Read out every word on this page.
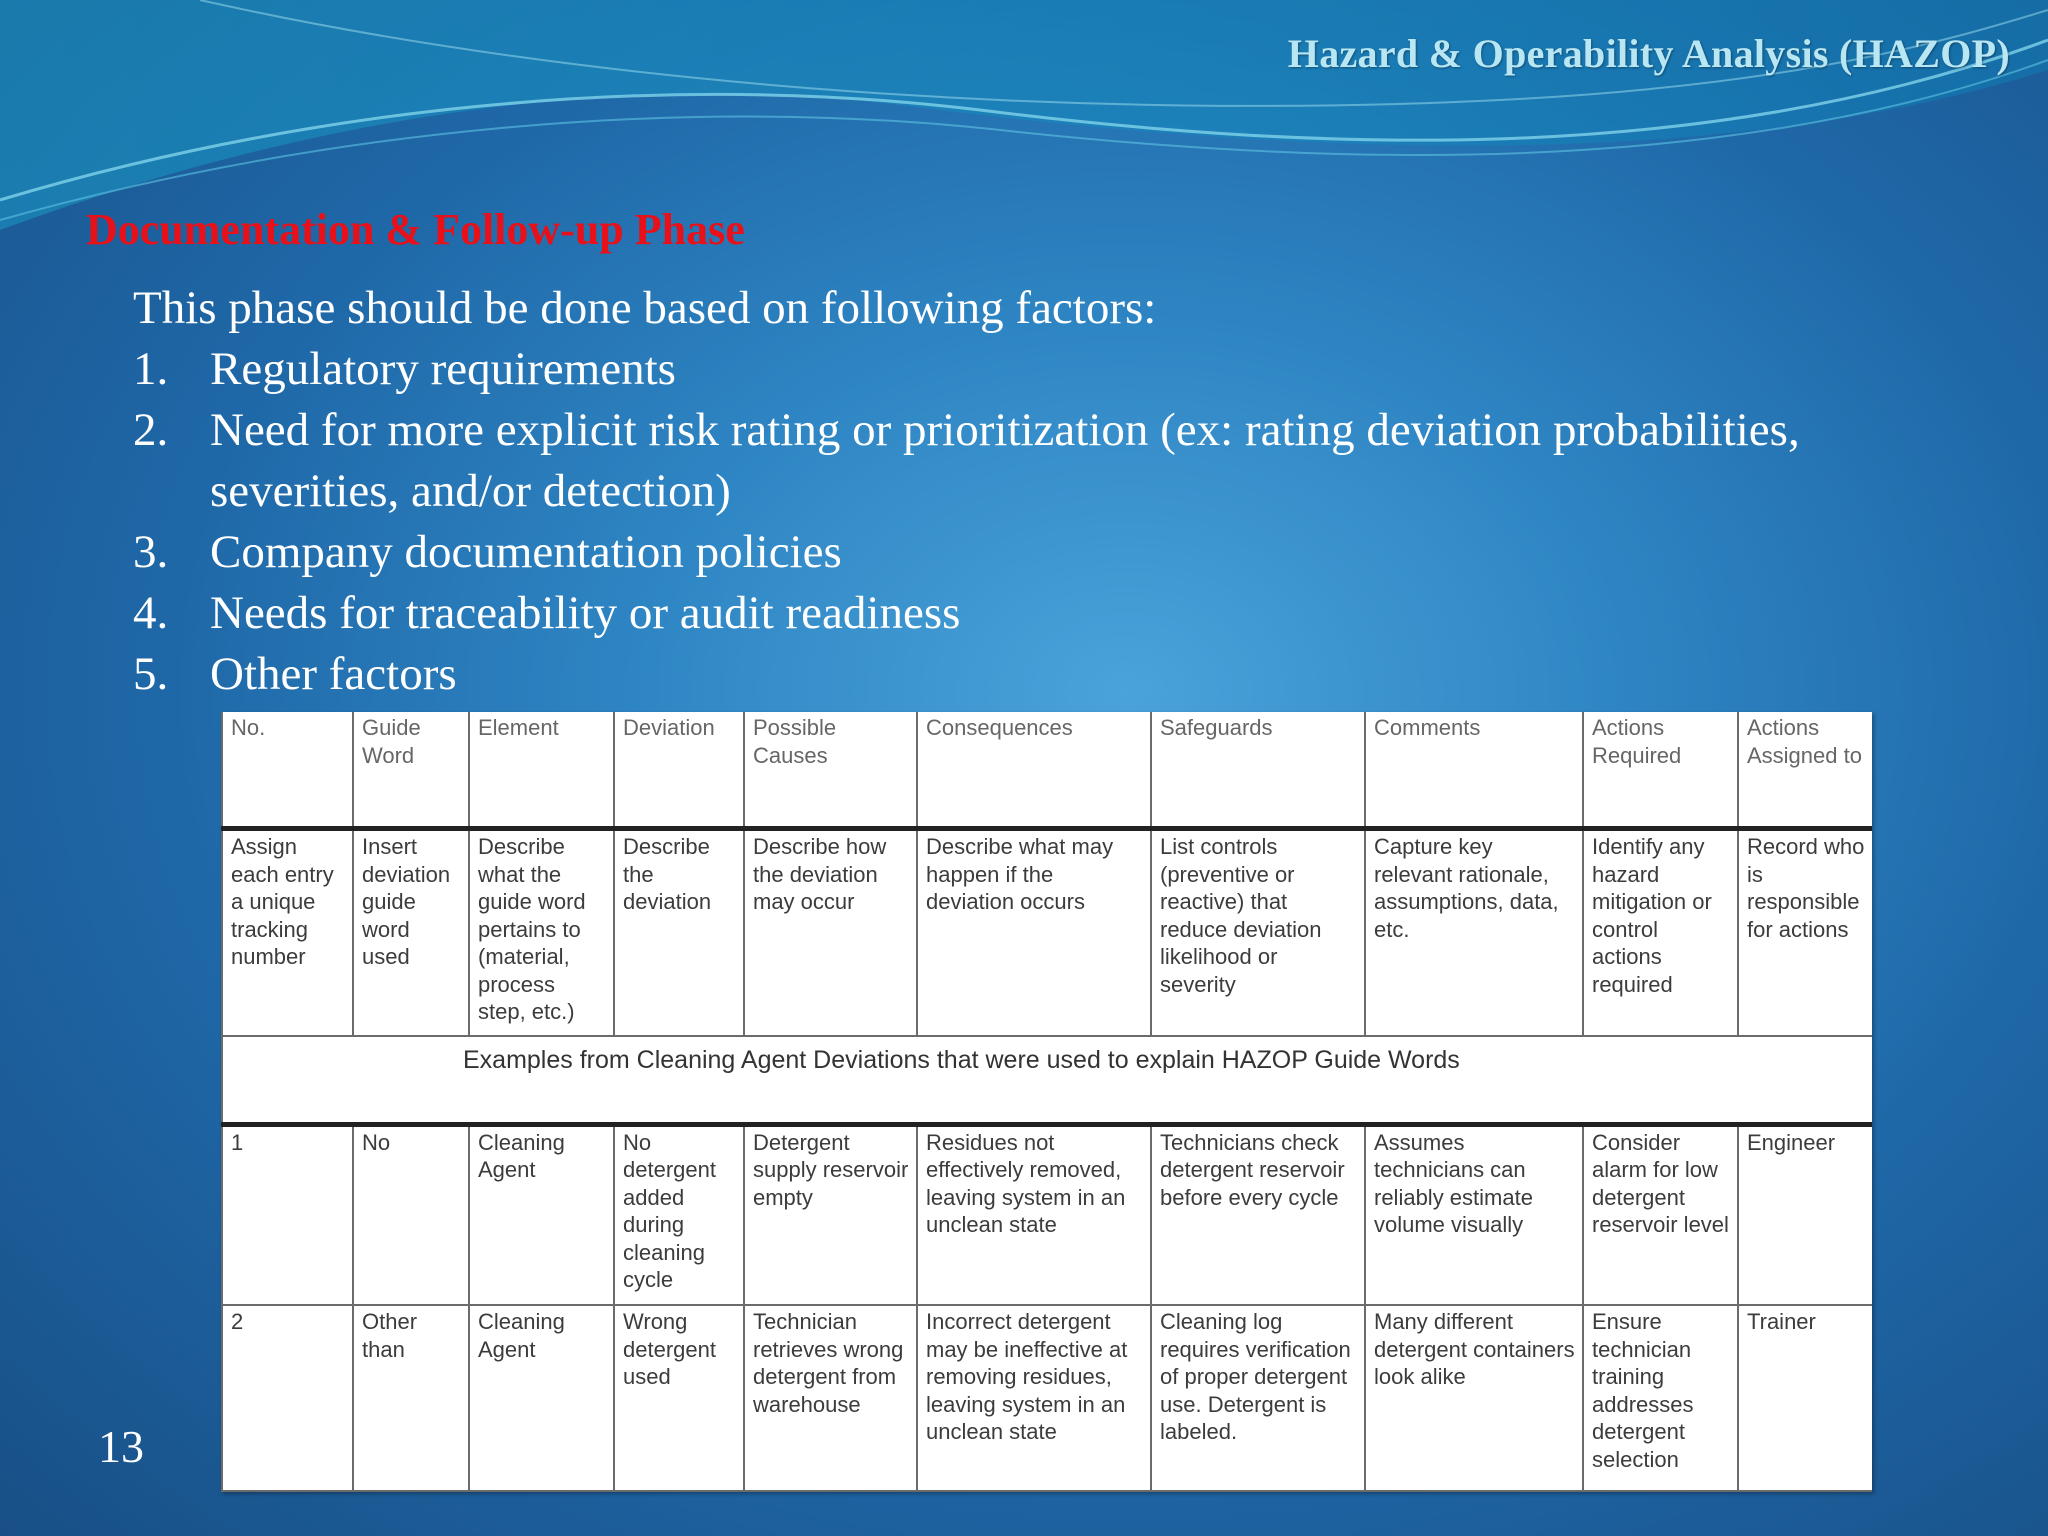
Hazard & Operability Analysis (HAZOP)
Documentation & Follow-up Phase
This phase should be done based on following factors:
1. Regulatory requirements
2. Need for more explicit risk rating or prioritization (ex: rating deviation probabilities, severities, and/or detection)
3. Company documentation policies
4. Needs for traceability or audit readiness
5. Other factors
No.	Guide Word	Element	Deviation	Possible Causes	Consequences	Safeguards	Comments	Actions Required	Actions Assigned to
Assign each entry a unique tracking number	Insert deviation guide word used	Describe what the guide word pertains to (material, process step, etc.)	Describe the deviation	Describe how the deviation may occur	Describe what may happen if the deviation occurs	List controls (preventive or reactive) that reduce deviation likelihood or severity	Capture key relevant rationale, assumptions, data, etc.	Identify any hazard mitigation or control actions required	Record who is responsible for actions
Examples from Cleaning Agent Deviations that were used to explain HAZOP Guide Words									
1	No	Cleaning Agent	No detergent added during cleaning cycle	Detergent supply reservoir empty	Residues not effectively removed, leaving system in an unclean state	Technicians check detergent reservoir before every cycle	Assumes technicians can reliably estimate volume visually	Consider alarm for low detergent reservoir level	Engineer
2	Other than	Cleaning Agent	Wrong detergent used	Technician retrieves wrong detergent from warehouse	Incorrect detergent may be ineffective at removing residues, leaving system in an unclean state	Cleaning log requires verification of proper detergent use. Detergent is labeled.	Many different detergent containers look alike	Ensure technician training addresses detergent selection	Trainer
13
